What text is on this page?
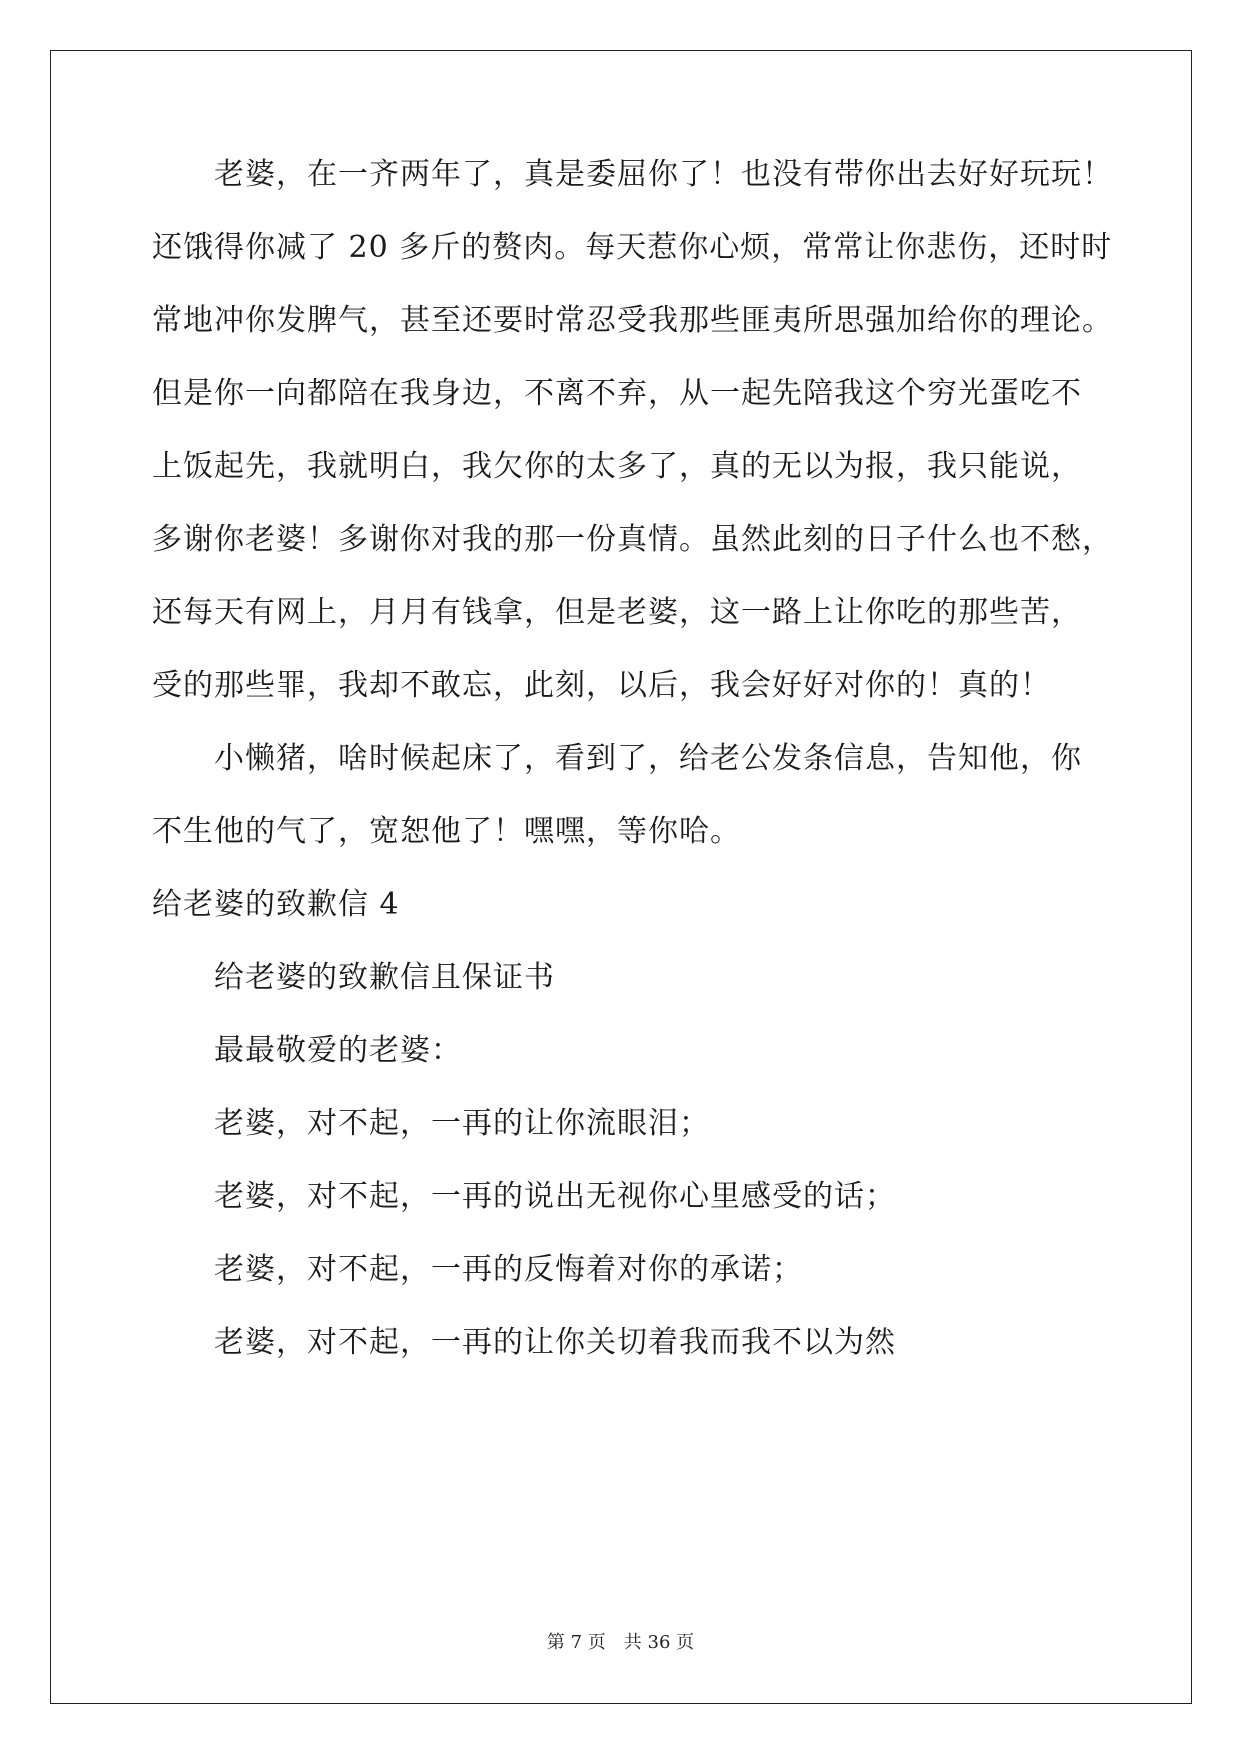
老婆，在一齐两年了，真是委屈你了！也没有带你出去好好玩玩！
还饿得你减了 20 多斤的赘肉。每天惹你心烦，常常让你悲伤，还时时
常地冲你发脾气，甚至还要时常忍受我那些匪夷所思强加给你的理论。
但是你一向都陪在我身边，不离不弃，从一起先陪我这个穷光蛋吃不
上饭起先，我就明白，我欠你的太多了，真的无以为报，我只能说，
多谢你老婆！多谢你对我的那一份真情。虽然此刻的日子什么也不愁，
还每天有网上，月月有钱拿，但是老婆，这一路上让你吃的那些苦，
受的那些罪，我却不敢忘，此刻，以后，我会好好对你的！真的！
小懒猪，啥时候起床了，看到了，给老公发条信息，告知他，你
不生他的气了，宽恕他了！嘿嘿，等你哈。
给老婆的致歉信 4
给老婆的致歉信且保证书
最最敬爱的老婆：
老婆，对不起，一再的让你流眼泪；
老婆，对不起，一再的说出无视你心里感受的话；
老婆，对不起，一再的反悔着对你的承诺；
老婆，对不起，一再的让你关切着我而我不以为然
第 7 页　共 36 页
